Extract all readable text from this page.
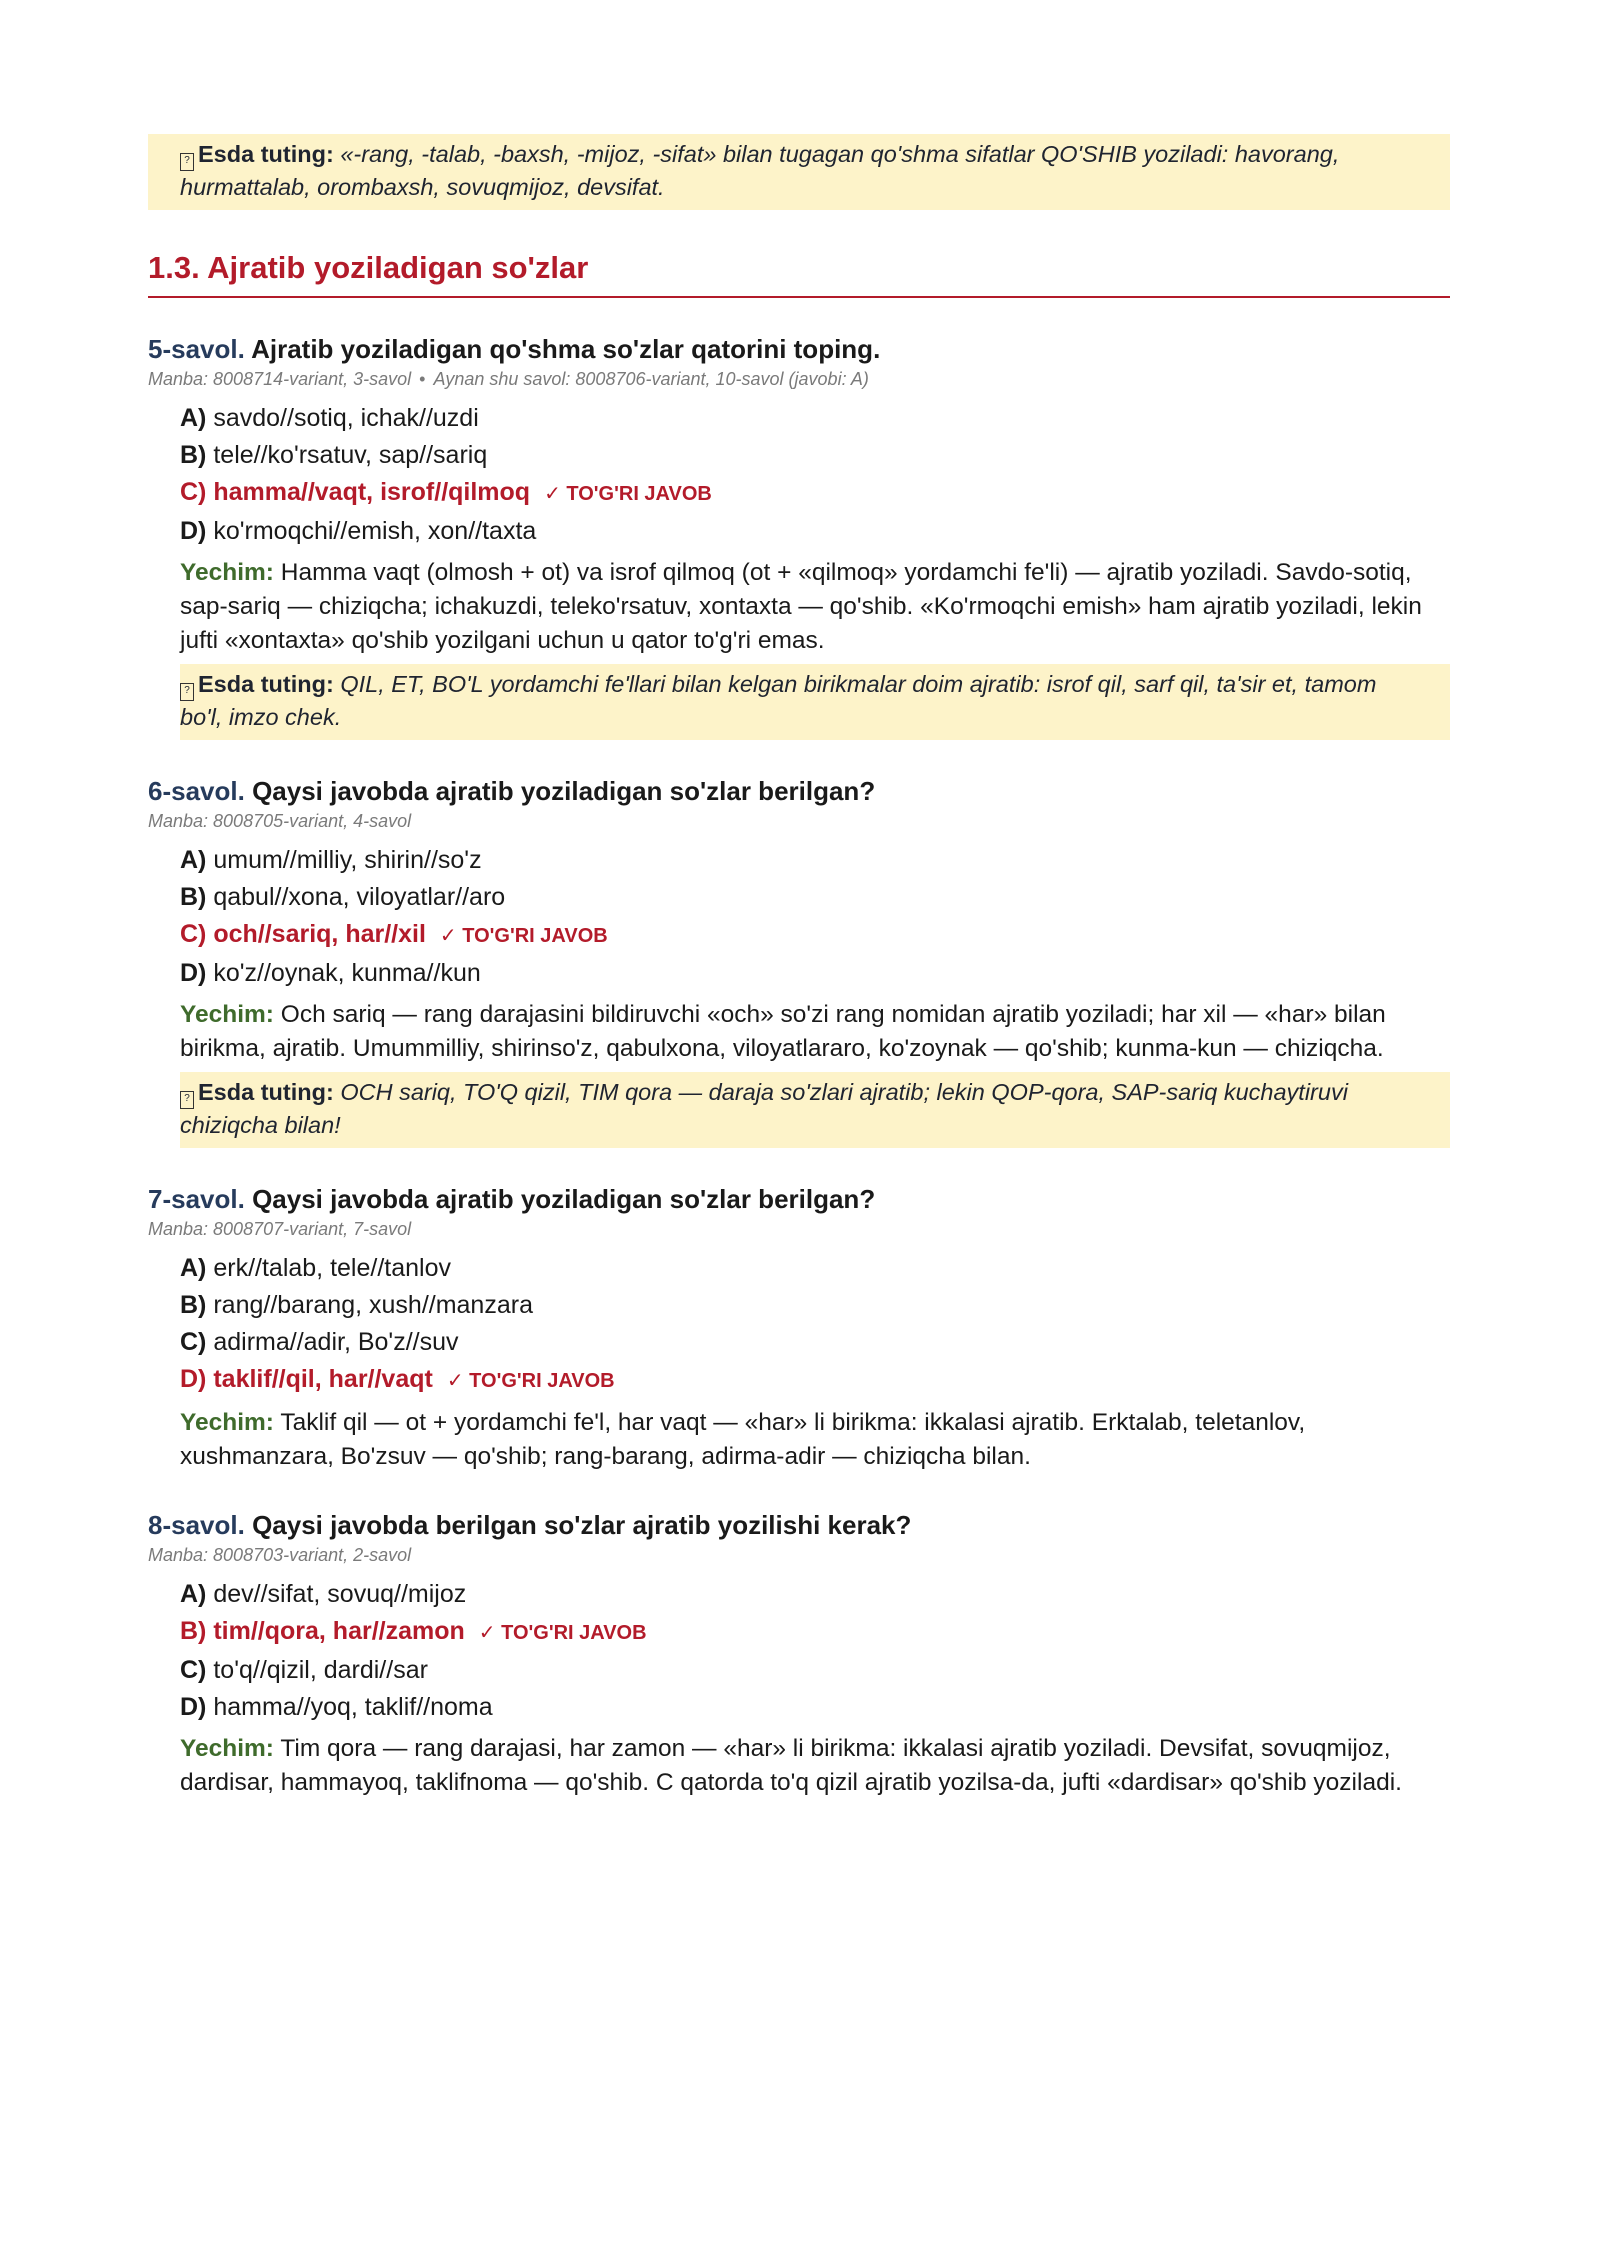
? Esda tuting: «-rang, -talab, -baxsh, -mijoz, -sifat» bilan tugagan qo'shma sifatlar QO'SHIB yoziladi: havorang, hurmattalab, orombaxsh, sovuqmijoz, devsifat.
1.3. Ajratib yoziladigan so'zlar
5-savol. Ajratib yoziladigan qo'shma so'zlar qatorini toping.
Manba: 8008714-variant, 3-savol • Aynan shu savol: 8008706-variant, 10-savol (javobi: A)
A) savdo//sotiq, ichak//uzdi
B) tele//ko'rsatuv, sap//sariq
C) hamma//vaqt, isrof//qilmoq ✓ TO'G'RI JAVOB
D) ko'rmoqchi//emish, xon//taxta
Yechim: Hamma vaqt (olmosh + ot) va isrof qilmoq (ot + «qilmoq» yordamchi fe'li) — ajratib yoziladi. Savdo-sotiq, sap-sariq — chiziqcha; ichakuzdi, teleko'rsatuv, xontaxta — qo'shib. «Ko'rmoqchi emish» ham ajratib yoziladi, lekin jufti «xontaxta» qo'shib yozilgani uchun u qator to'g'ri emas.
? Esda tuting: QIL, ET, BO'L yordamchi fe'llari bilan kelgan birikmalar doim ajratib: isrof qil, sarf qil, ta'sir et, tamom bo'l, imzo chek.
6-savol. Qaysi javobda ajratib yoziladigan so'zlar berilgan?
Manba: 8008705-variant, 4-savol
A) umum//milliy, shirin//so'z
B) qabul//xona, viloyatlar//aro
C) och//sariq, har//xil ✓ TO'G'RI JAVOB
D) ko'z//oynak, kunma//kun
Yechim: Och sariq — rang darajasini bildiruvchi «och» so'zi rang nomidan ajratib yoziladi; har xil — «har» bilan birikma, ajratib. Umummilliy, shirinso'z, qabulxona, viloyatlararo, ko'zoynak — qo'shib; kunma-kun — chiziqcha.
? Esda tuting: OCH sariq, TO'Q qizil, TIM qora — daraja so'zlari ajratib; lekin QOP-qora, SAP-sariq kuchaytiruvi chiziqcha bilan!
7-savol. Qaysi javobda ajratib yoziladigan so'zlar berilgan?
Manba: 8008707-variant, 7-savol
A) erk//talab, tele//tanlov
B) rang//barang, xush//manzara
C) adirma//adir, Bo'z//suv
D) taklif//qil, har//vaqt ✓ TO'G'RI JAVOB
Yechim: Taklif qil — ot + yordamchi fe'l, har vaqt — «har» li birikma: ikkalasi ajratib. Erktalab, teletanlov, xushmanzara, Bo'zsuv — qo'shib; rang-barang, adirma-adir — chiziqcha bilan.
8-savol. Qaysi javobda berilgan so'zlar ajratib yozilishi kerak?
Manba: 8008703-variant, 2-savol
A) dev//sifat, sovuq//mijoz
B) tim//qora, har//zamon ✓ TO'G'RI JAVOB
C) to'q//qizil, dardi//sar
D) hamma//yoq, taklif//noma
Yechim: Tim qora — rang darajasi, har zamon — «har» li birikma: ikkalasi ajratib yoziladi. Devsifat, sovuqmijoz, dardisar, hammayoq, taklifnoma — qo'shib. C qatorda to'q qizil ajratib yozilsa-da, jufti «dardisar» qo'shib yoziladi.
